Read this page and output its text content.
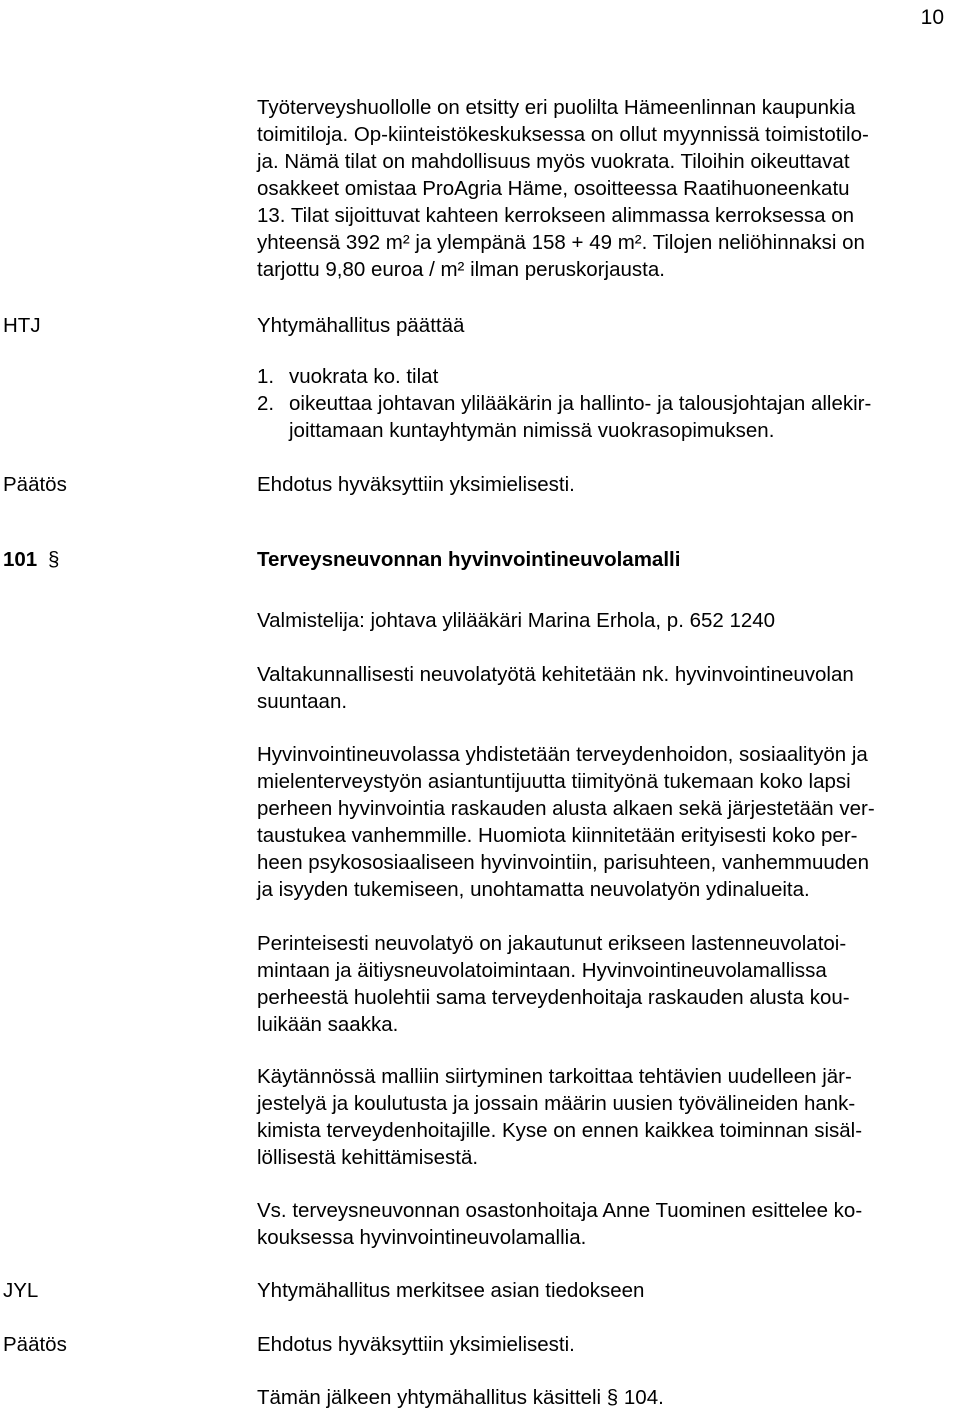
10

Työterveyshuollolle on etsitty eri puolilta Hämeenlinnan kaupunkia

toimitiloja. Op-kiinteistökeskuksessa on ollut myynnissä toimistotilo-

ja. Nämä tilat on mahdollisuus myös vuokrata. Tiloihin oikeuttavat

osakkeet omistaa ProAgria Häme, osoitteessa Raatihuoneenkatu

13. Tilat sijoittuvat kahteen kerrokseen alimmassa kerroksessa on

yhteensä 392 m² ja ylempänä 158 + 49 m². Tilojen neliöhinnaksi on

tarjottu 9,80 euroa / m² ilman peruskorjausta.

HTJ	Yhtymähallitus päättää
1. vuokrata ko. tilat
2. oikeuttaa johtavan ylilääkärin ja hallinto- ja talousjohtajan allekir-
joittamaan kuntayhtymän nimissä vuokrasopimuksen.
Päätös	Ehdotus hyväksyttiin yksimielisesti.
101 §	Terveysneuvonnan hyvinvointineuvolamalli
Valmistelija: johtava ylilääkäri Marina Erhola, p. 652 1240

Valtakunnallisesti neuvolatyötä kehitetään nk. hyvinvointineuvolan

suuntaan.

Hyvinvointineuvolassa yhdistetään terveydenhoidon, sosiaalityön ja

mielenterveystyön asiantuntijuutta tiimityönä tukemaan koko lapsi

perheen hyvinvointia raskauden alusta alkaen sekä järjestetään ver-

taustukea vanhemmille. Huomiota kiinnitetään erityisesti koko per-

heen psykososiaaliseen hyvinvointiin, parisuhteen, vanhemmuuden

ja isyyden tukemiseen, unohtamatta neuvolatyön ydinalueita.

Perinteisesti neuvolatyö on jakautunut erikseen lastenneuvolatoi-

mintaan ja äitiysneuvolatoimintaan. Hyvinvointineuvolamallissa

perheestä huolehtii sama terveydenhoitaja raskauden alusta kou-

luikään saakka.

Käytännössä malliin siirtyminen tarkoittaa tehtävien uudelleen jär-

jestelyä ja koulutusta ja jossain määrin uusien työvälineiden hank-

kimista terveydenhoitajille. Kyse on ennen kaikkea toiminnan sisäl-

löllisestä kehittämisestä.

Vs. terveysneuvonnan osastonhoitaja Anne Tuominen esittelee ko-

kouksessa hyvinvointineuvolamallia.

JYL	Yhtymähallitus merkitsee asian tiedokseen
Päätös	Ehdotus hyväksyttiin yksimielisesti.
Tämän jälkeen yhtymähallitus käsitteli § 104.
